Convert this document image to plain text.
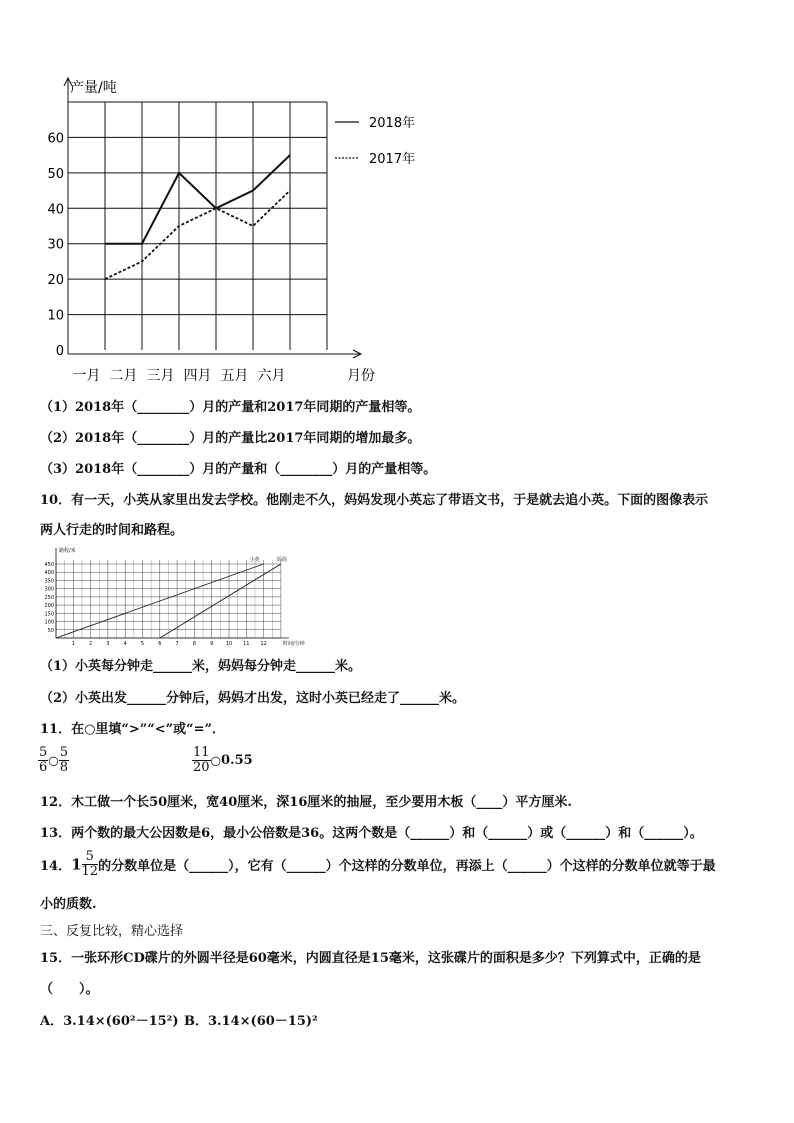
0
10
20
30
40
50
60
一月 二月 三月 四月 五月 六月	月份
产量/吨
2018年
2017年
（1）2018年（________）月的产量和2017年同期的产量相等。
（2）2018年（________）月的产量比2017年同期的增加最多。
（3）2018年（________）月的产量和（________）月的产量相等。
10．有一天，小英从家里出发去学校。他刚走不久，妈妈发现小英忘了带语文书，于是就去追小英。下面的图像表示
两人行走的时间和路程。
50
100
150
200
250
300
350
400
450
1	2	3	4	5	6	7	8	9	10 11 12
路程/米
时间/分钟
小英	妈妈
（1）小英每分钟走______米，妈妈每分钟走______米。
（2）小英出发______分钟后，妈妈才出发，这时小英已经走了______米。
11．在○里填“>”“<”或“=”．
$\frac{5}{6}$ ○ $\frac{5}{8}$	$\frac{11}{20}$ ○0.55
12．木工做一个长50厘米，宽40厘米，深16厘米的抽屉，至少要用木板（____）平方厘米.
13．两个数的最大公因数是6，最小公倍数是36。这两个数是（______）和（______）或（______）和（______）。
14．$1 \frac{5}{12}$ 的分数单位是（______），它有（______）个这样的分数单位，再添上（______）个这样的分数单位就等于最
小的质数.
三、反复比较，精心选择
15．一张环形CD碟片的外圆半径是60毫米，内圆直径是15毫米，这张碟片的面积是多少？下列算式中，正确的是
（　　）。
A．3.14×(60²－15²) B．3.14×(60－15)²
